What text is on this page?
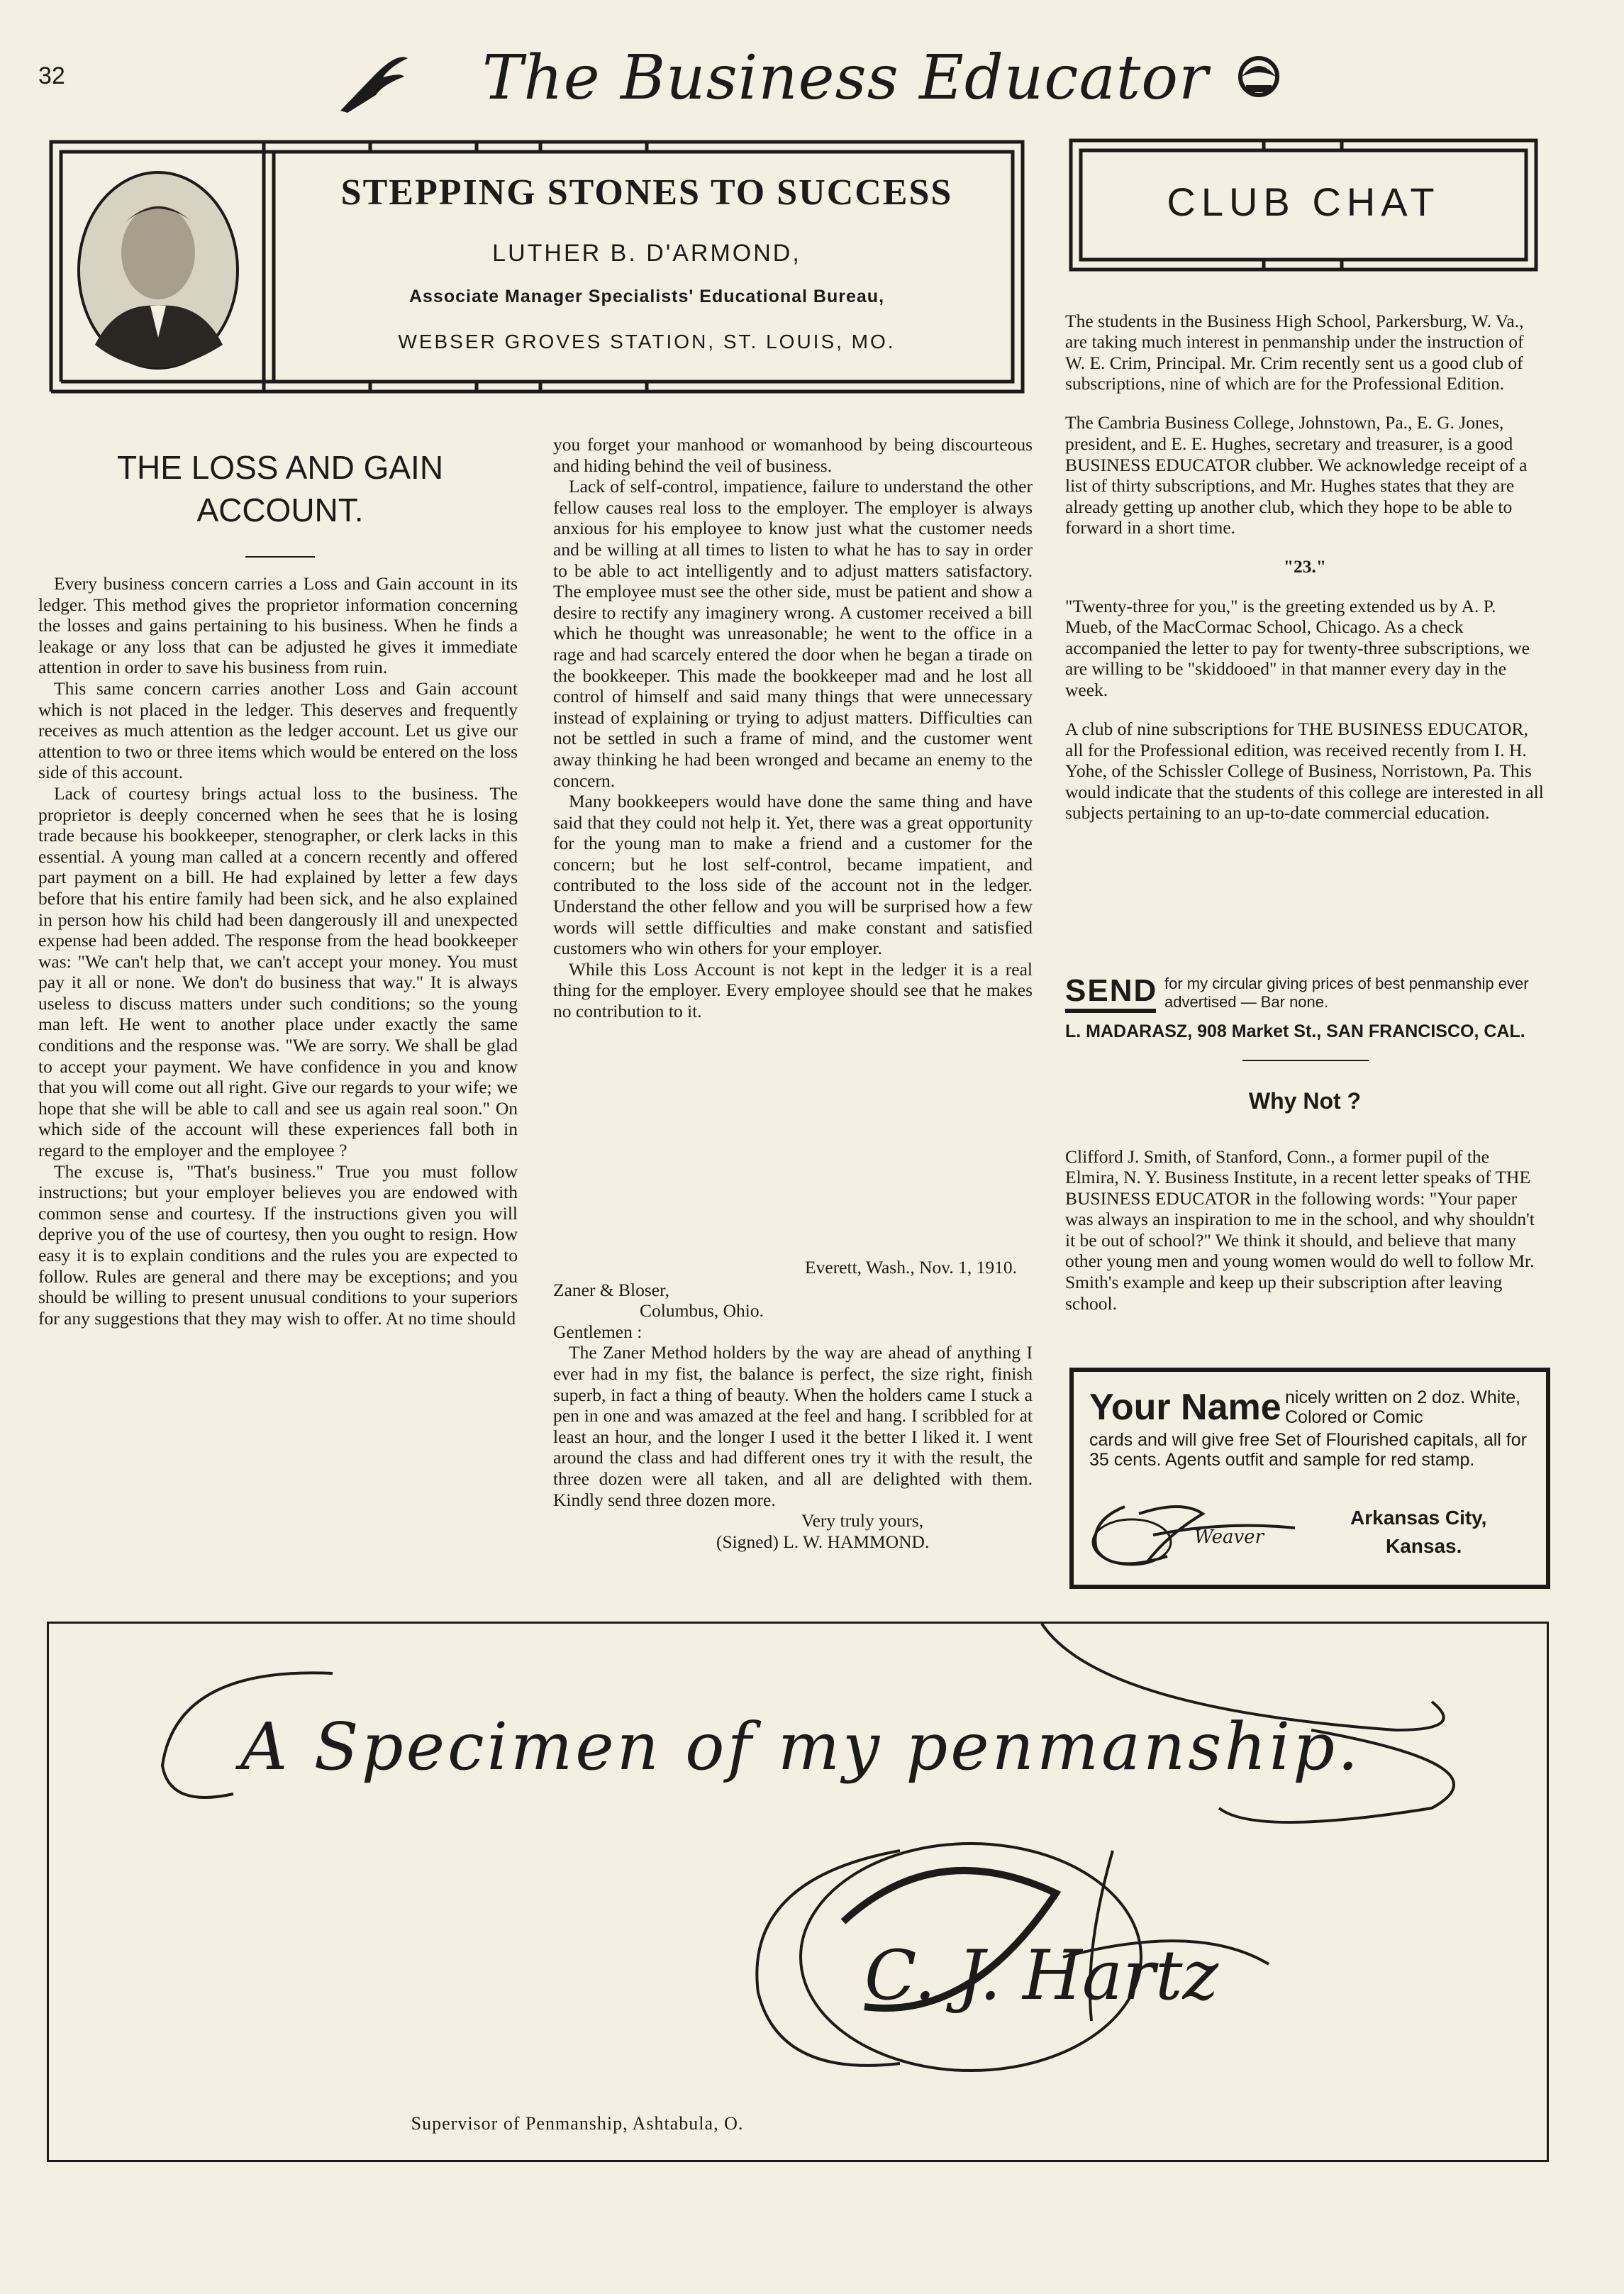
32	The Business Educator
STEPPING STONES TO SUCCESS
LUTHER B. D'ARMOND,
Associate Manager Specialists' Educational Bureau,
WEBSER GROVES STATION, ST. LOUIS, MO.
CLUB CHAT
THE LOSS AND GAIN
ACCOUNT.

Every business concern carries a Loss and Gain account in its ledger. This method gives the proprietor information concerning the losses and gains pertaining to his business. When he finds a leakage or any loss that can be adjusted he gives it immediate attention in order to save his business from ruin.

This same concern carries another Loss and Gain account which is not placed in the ledger. This deserves and frequently receives as much attention as the ledger account. Let us give our attention to two or three items which would be entered on the loss side of this account.

Lack of courtesy brings actual loss to the business. The proprietor is deeply concerned when he sees that he is losing trade because his bookkeeper, stenographer, or clerk lacks in this essential. A young man called at a concern recently and offered part payment on a bill. He had explained by letter a few days before that his entire family had been sick, and he also explained in person how his child had been dangerously ill and unexpected expense had been added. The response from the head bookkeeper was: "We can't help that, we can't accept your money. You must pay it all or none. We don't do business that way." It is always useless to discuss matters under such conditions; so the young man left. He went to another place under exactly the same conditions and the response was. "We are sorry. We shall be glad to accept your payment. We have confidence in you and know that you will come out all right. Give our regards to your wife; we hope that she will be able to call and see us again real soon." On which side of the account will these experiences fall both in regard to the employer and the employee ?

The excuse is, "That's business." True you must follow instructions; but your employer believes you are endowed with common sense and courtesy. If the instructions given you will deprive you of the use of courtesy, then you ought to resign. How easy it is to explain conditions and the rules you are expected to follow. Rules are general and there may be exceptions; and you should be willing to present unusual conditions to your superiors for any suggestions that they may wish to offer. At no time should

you forget your manhood or womanhood by being discourteous and hiding behind the veil of business.

Lack of self-control, impatience, failure to understand the other fellow causes real loss to the employer. The employer is always anxious for his employee to know just what the customer needs and be willing at all times to listen to what he has to say in order to be able to act intelligently and to adjust matters satisfactory. The employee must see the other side, must be patient and show a desire to rectify any imaginery wrong. A customer received a bill which he thought was unreasonable; he went to the office in a rage and had scarcely entered the door when he began a tirade on the bookkeeper. This made the bookkeeper mad and he lost all control of himself and said many things that were unnecessary instead of explaining or trying to adjust matters. Difficulties can not be settled in such a frame of mind, and the customer went away thinking he had been wronged and became an enemy to the concern.

Many bookkeepers would have done the same thing and have said that they could not help it. Yet, there was a great opportunity for the young man to make a friend and a customer for the concern; but he lost self-control, became impatient, and contributed to the loss side of the account not in the ledger. Understand the other fellow and you will be surprised how a few words will settle difficulties and make constant and satisfied customers who win others for your employer.

While this Loss Account is not kept in the ledger it is a real thing for the employer. Every employee should see that he makes no contribution to it.

Everett, Wash., Nov. 1, 1910.
Zaner & Bloser,
Columbus, Ohio.
Gentlemen :

The Zaner Method holders by the way are ahead of anything I ever had in my fist, the balance is perfect, the size right, finish superb, in fact a thing of beauty. When the holders came I stuck a pen in one and was amazed at the feel and hang. I scribbled for at least an hour, and the longer I used it the better I liked it. I went around the class and had different ones try it with the result, the three dozen were all taken, and all are delighted with them. Kindly send three dozen more.

Very truly yours,
(Signed) L. W. HAMMOND.

The students in the Business High School, Parkersburg, W. Va., are taking much interest in penmanship under the instruction of W. E. Crim, Principal. Mr. Crim recently sent us a good club of subscriptions, nine of which are for the Professional Edition.

The Cambria Business College, Johnstown, Pa., E. G. Jones, president, and E. E. Hughes, secretary and treasurer, is a good BUSINESS EDUCATOR clubber. We acknowledge receipt of a list of thirty subscriptions, and Mr. Hughes states that they are already getting up another club, which they hope to be able to forward in a short time.

"23."

"Twenty-three for you," is the greeting extended us by A. P. Mueb, of the MacCormac School, Chicago. As a check accompanied the letter to pay for twenty-three subscriptions, we are willing to be "skiddooed" in that manner every day in the week.

A club of nine subscriptions for THE BUSINESS EDUCATOR, all for the Professional edition, was received recently from I. H. Yohe, of the Schissler College of Business, Norristown, Pa. This would indicate that the students of this college are interested in all subjects pertaining to an up-to-date commercial education.

SEND for my circular giving prices of best penmanship ever advertised — Bar none.
L. MADARASZ, 908 Market St., SAN FRANCISCO, CAL.
Why Not ?

Clifford J. Smith, of Stanford, Conn., a former pupil of the Elmira, N. Y. Business Institute, in a recent letter speaks of THE BUSINESS EDUCATOR in the following words: "Your paper was always an inspiration to me in the school, and why shouldn't it be out of school?" We think it should, and believe that many other young men and young women would do well to follow Mr. Smith's example and keep up their subscription after leaving school.

Your Name nicely written on 2 doz. White, Colored or Comic
cards and will give free Set of Flourished capitals, all for 35 cents. Agents outfit and sample for red stamp.
Weaver
Arkansas City,
Kansas.
A Specimen of my penmanship.
C. J. Hartz
Supervisor of Penmanship, Ashtabula, O.
